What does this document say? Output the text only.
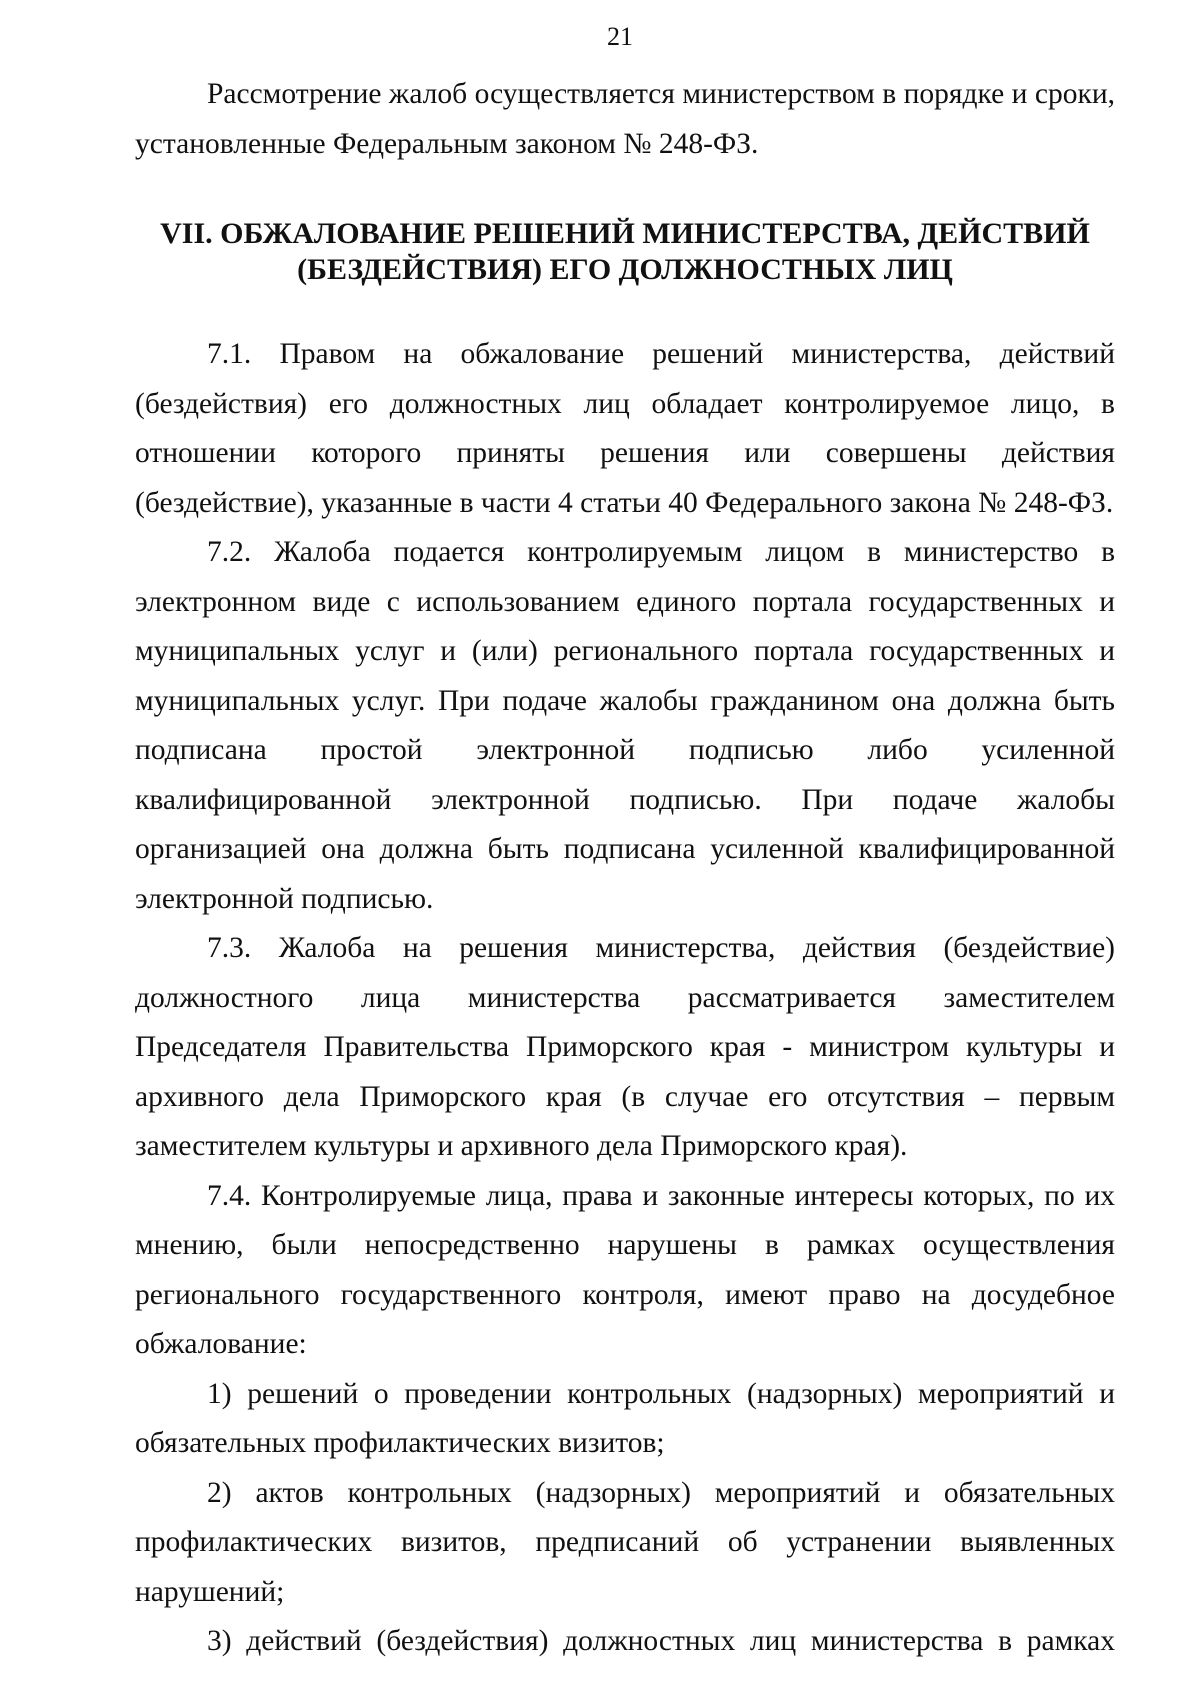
21

Рассмотрение жалоб осуществляется министерством в порядке и сроки, установленные Федеральным законом № 248-ФЗ.

VII. ОБЖАЛОВАНИЕ РЕШЕНИЙ МИНИСТЕРСТВА, ДЕЙСТВИЙ
(БЕЗДЕЙСТВИЯ) ЕГО ДОЛЖНОСТНЫХ ЛИЦ

7.1. Правом на обжалование решений министерства, действий (бездействия) его должностных лиц обладает контролируемое лицо, в отношении которого приняты решения или совершены действия (бездействие), указанные в части 4 статьи 40 Федерального закона № 248-ФЗ.

7.2. Жалоба подается контролируемым лицом в министерство в электронном виде с использованием единого портала государственных и муниципальных услуг и (или) регионального портала государственных и муниципальных услуг. При подаче жалобы гражданином она должна быть подписана простой электронной подписью либо усиленной квалифицированной электронной подписью. При подаче жалобы организацией она должна быть подписана усиленной квалифицированной электронной подписью.

7.3. Жалоба на решения министерства, действия (бездействие) должностного лица министерства рассматривается заместителем Председателя Правительства Приморского края - министром культуры и архивного дела Приморского края (в случае его отсутствия – первым заместителем культуры и архивного дела Приморского края).

7.4. Контролируемые лица, права и законные интересы которых, по их мнению, были непосредственно нарушены в рамках осуществления регионального государственного контроля, имеют право на досудебное обжалование:

1) решений о проведении контрольных (надзорных) мероприятий и обязательных профилактических визитов;

2) актов контрольных (надзорных) мероприятий и обязательных профилактических визитов, предписаний об устранении выявленных нарушений;

3) действий (бездействия) должностных лиц министерства в рамках
